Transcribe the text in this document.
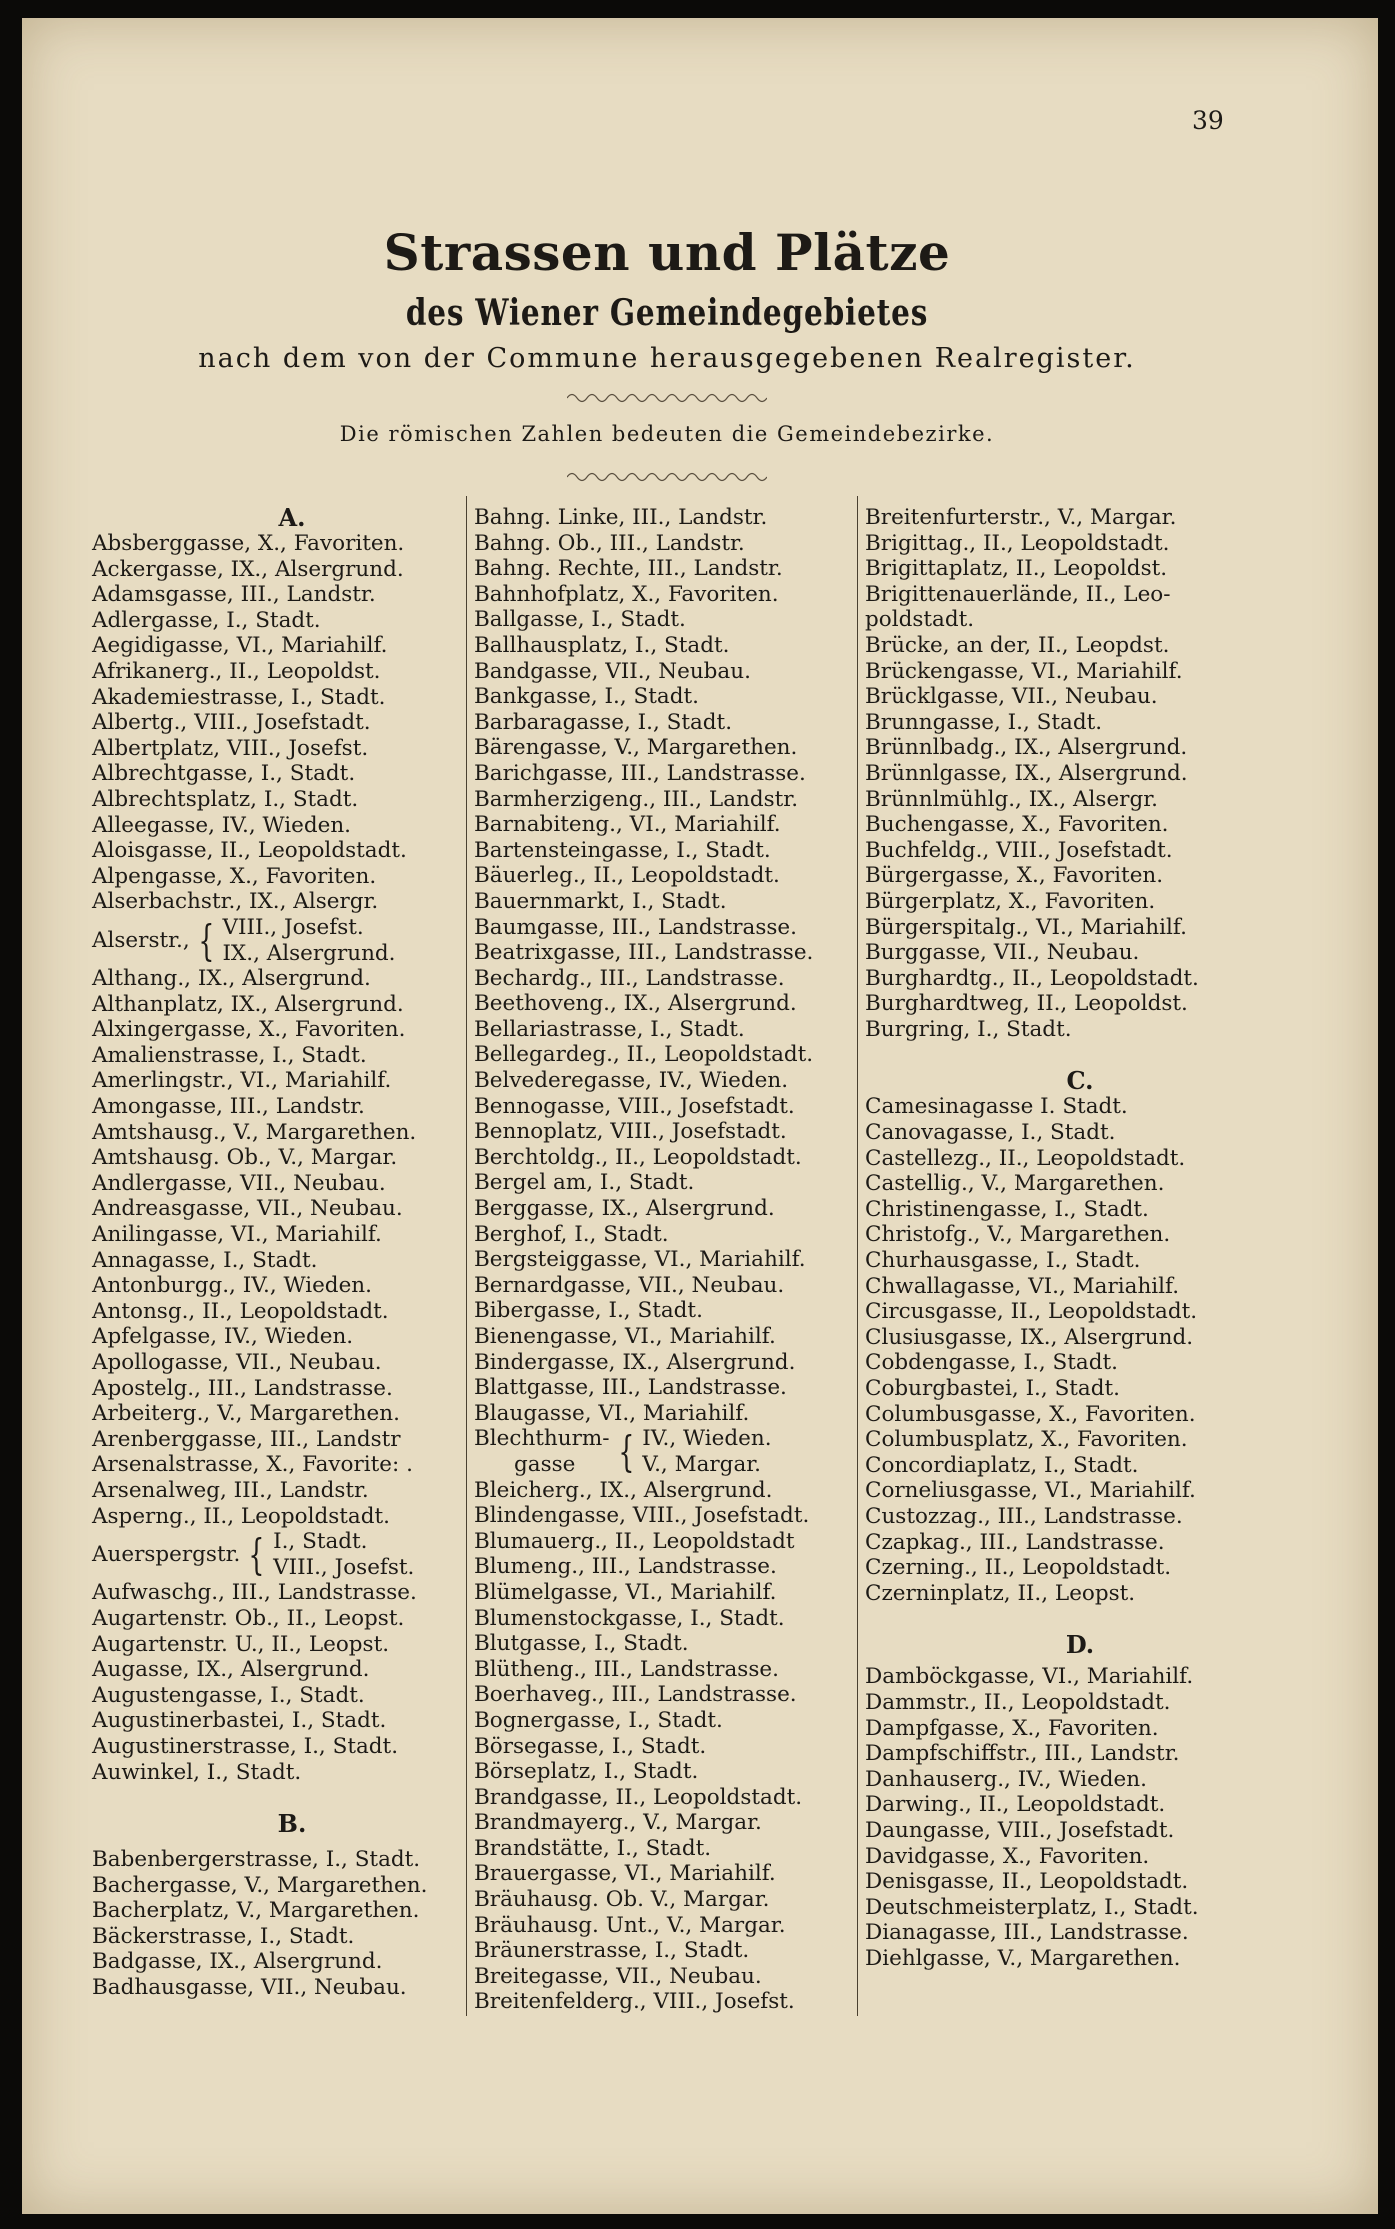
39
Strassen und Plätze
des Wiener Gemeindegebietes
nach dem von der Commune herausgegebenen Realregister.
Die römischen Zahlen bedeuten die Gemeindebezirke.
A.
Absberggasse, X., Favoriten.
Ackergasse, IX., Alsergrund.
Adamsgasse, III., Landstr.
Adlergasse, I., Stadt.
Aegidigasse, VI., Mariahilf.
Afrikanerg., II., Leopoldst.
Akademiestrasse, I., Stadt.
Albertg., VIII., Josefstadt.
Albertplatz, VIII., Josefst.
Albrechtgasse, I., Stadt.
Albrechtsplatz, I., Stadt.
Alleegasse, IV., Wieden.
Aloisgasse, II., Leopoldstadt.
Alpengasse, X., Favoriten.
Alserbachstr., IX., Alsergr.
Alserstr., { VIII., Josefst.
IX., Alsergrund.
Althang., IX., Alsergrund.
Althanplatz, IX., Alsergrund.
Alxingergasse, X., Favoriten.
Amalienstrasse, I., Stadt.
Amerlingstr., VI., Mariahilf.
Amongasse, III., Landstr.
Amtshausg., V., Margarethen.
Amtshausg. Ob., V., Margar.
Andlergasse, VII., Neubau.
Andreasgasse, VII., Neubau.
Anilingasse, VI., Mariahilf.
Annagasse, I., Stadt.
Antonburgg., IV., Wieden.
Antonsg., II., Leopoldstadt.
Apfelgasse, IV., Wieden.
Apollogasse, VII., Neubau.
Apostelg., III., Landstrasse.
Arbeiterg., V., Margarethen.
Arenberggasse, III., Landstr
Arsenalstrasse, X., Favorite: .
Arsenalweg, III., Landstr.
Asperng., II., Leopoldstadt.
Auerspergstr. { I., Stadt.
VIII., Josefst.
Aufwaschg., III., Landstrasse.
Augartenstr. Ob., II., Leopst.
Augartenstr. U., II., Leopst.
Augasse, IX., Alsergrund.
Augustengasse, I., Stadt.
Augustinerbastei, I., Stadt.
Augustinerstrasse, I., Stadt.
Auwinkel, I., Stadt.
B.
Babenbergerstrasse, I., Stadt.
Bachergasse, V., Margarethen.
Bacherplatz, V., Margarethen.
Bäckerstrasse, I., Stadt.
Badgasse, IX., Alsergrund.
Badhausgasse, VII., Neubau.
Bahng. Linke, III., Landstr.
Bahng. Ob., III., Landstr.
Bahng. Rechte, III., Landstr.
Bahnhofplatz, X., Favoriten.
Ballgasse, I., Stadt.
Ballhausplatz, I., Stadt.
Bandgasse, VII., Neubau.
Bankgasse, I., Stadt.
Barbaragasse, I., Stadt.
Bärengasse, V., Margarethen.
Barichgasse, III., Landstrasse.
Barmherzigeng., III., Landstr.
Barnabiteng., VI., Mariahilf.
Bartensteingasse, I., Stadt.
Bäuerleg., II., Leopoldstadt.
Bauernmarkt, I., Stadt.
Baumgasse, III., Landstrasse.
Beatrixgasse, III., Landstrasse.
Bechardg., III., Landstrasse.
Beethoveng., IX., Alsergrund.
Bellariastrasse, I., Stadt.
Bellegardeg., II., Leopoldstadt.
Belvederegasse, IV., Wieden.
Bennogasse, VIII., Josefstadt.
Bennoplatz, VIII., Josefstadt.
Berchtoldg., II., Leopoldstadt.
Bergel am, I., Stadt.
Berggasse, IX., Alsergrund.
Berghof, I., Stadt.
Bergsteiggasse, VI., Mariahilf.
Bernardgasse, VII., Neubau.
Bibergasse, I., Stadt.
Bienengasse, VI., Mariahilf.
Bindergasse, IX., Alsergrund.
Blattgasse, III., Landstrasse.
Blaugasse, VI., Mariahilf.
Blechthurm-
gasse	{ IV., Wieden.
V., Margar.
Bleicherg., IX., Alsergrund.
Blindengasse, VIII., Josefstadt.
Blumauerg., II., Leopoldstadt
Blumeng., III., Landstrasse.
Blümelgasse, VI., Mariahilf.
Blumenstockgasse, I., Stadt.
Blutgasse, I., Stadt.
Blütheng., III., Landstrasse.
Boerhaveg., III., Landstrasse.
Bognergasse, I., Stadt.
Börsegasse, I., Stadt.
Börseplatz, I., Stadt.
Brandgasse, II., Leopoldstadt.
Brandmayerg., V., Margar.
Brandstätte, I., Stadt.
Brauergasse, VI., Mariahilf.
Bräuhausg. Ob. V., Margar.
Bräuhausg. Unt., V., Margar.
Bräunerstrasse, I., Stadt.
Breitegasse, VII., Neubau.
Breitenfelderg., VIII., Josefst.
Breitenfurterstr., V., Margar.
Brigittag., II., Leopoldstadt.
Brigittaplatz, II., Leopoldst.
Brigittenauerlände, II., Leo-
poldstadt.
Brücke, an der, II., Leopdst.
Brückengasse, VI., Mariahilf.
Brücklgasse, VII., Neubau.
Brunngasse, I., Stadt.
Brünnlbadg., IX., Alsergrund.
Brünnlgasse, IX., Alsergrund.
Brünnlmühlg., IX., Alsergr.
Buchengasse, X., Favoriten.
Buchfeldg., VIII., Josefstadt.
Bürgergasse, X., Favoriten.
Bürgerplatz, X., Favoriten.
Bürgerspitalg., VI., Mariahilf.
Burggasse, VII., Neubau.
Burghardtg., II., Leopoldstadt.
Burghardtweg, II., Leopoldst.
Burgring, I., Stadt.
C.
Camesinagasse I. Stadt.
Canovagasse, I., Stadt.
Castellezg., II., Leopoldstadt.
Castellig., V., Margarethen.
Christinengasse, I., Stadt.
Christofg., V., Margarethen.
Churhausgasse, I., Stadt.
Chwallagasse, VI., Mariahilf.
Circusgasse, II., Leopoldstadt.
Clusiusgasse, IX., Alsergrund.
Cobdengasse, I., Stadt.
Coburgbastei, I., Stadt.
Columbusgasse, X., Favoriten.
Columbusplatz, X., Favoriten.
Concordiaplatz, I., Stadt.
Corneliusgasse, VI., Mariahilf.
Custozzag., III., Landstrasse.
Czapkag., III., Landstrasse.
Czerning., II., Leopoldstadt.
Czerninplatz, II., Leopst.
D.
Damböckgasse, VI., Mariahilf.
Dammstr., II., Leopoldstadt.
Dampfgasse, X., Favoriten.
Dampfschiffstr., III., Landstr.
Danhauserg., IV., Wieden.
Darwing., II., Leopoldstadt.
Daungasse, VIII., Josefstadt.
Davidgasse, X., Favoriten.
Denisgasse, II., Leopoldstadt.
Deutschmeisterplatz, I., Stadt.
Dianagasse, III., Landstrasse.
Diehlgasse, V., Margarethen.
